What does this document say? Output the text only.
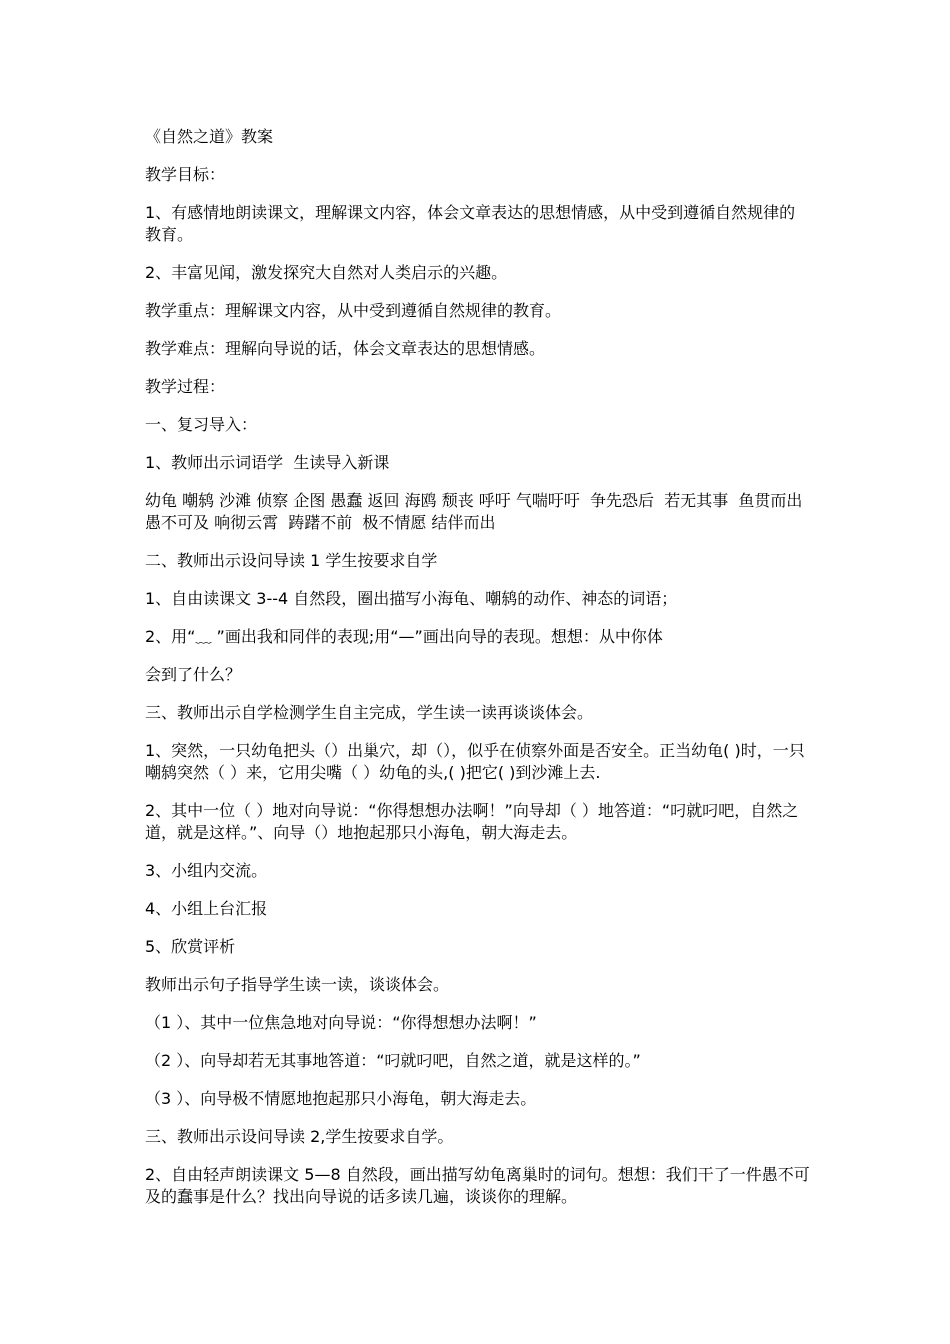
《自然之道》教案

教学目标：

1、有感情地朗读课文，理解课文内容，体会文章表达的思想情感，从中受到遵循自然规律的教育。

2、丰富见闻，激发探究大自然对人类启示的兴趣。

教学重点：理解课文内容，从中受到遵循自然规律的教育。

教学难点：理解向导说的话，体会文章表达的思想情感。

教学过程：

一、复习导入：

1、教师出示词语学  生读导入新课

幼龟 嘲鸫 沙滩 侦察 企图 愚蠢 返回 海鸥 颓丧 呼吁 气喘吁吁  争先恐后  若无其事  鱼贯而出  愚不可及 响彻云霄  踌躇不前  极不情愿 结伴而出

二、教师出示设问导读 1 学生按要求自学

1、自由读课文 3--4 自然段，圈出描写小海龟、嘲鸫的动作、神态的词语；

2、用“﹏ ”画出我和同伴的表现;用“—”画出向导的表现。想想：从中你体

会到了什么？

三、教师出示自学检测学生自主完成，学生读一读再谈谈体会。

1、突然，一只幼龟把头（）出巢穴，却（），似乎在侦察外面是否安全。正当幼龟( )时，一只嘲鸫突然（ ）来，它用尖嘴（ ）幼龟的头,( )把它( )到沙滩上去.

2、其中一位（ ）地对向导说：“你得想想办法啊！”向导却（ ）地答道：“叼就叼吧，自然之道，就是这样。”、向导（）地抱起那只小海龟，朝大海走去。

3、小组内交流。

4、小组上台汇报

5、欣赏评析

教师出示句子指导学生读一读，谈谈体会。

（1 ）、其中一位焦急地对向导说：“你得想想办法啊！”

（2 ）、向导却若无其事地答道：“叼就叼吧，自然之道，就是这样的。”

（3 ）、向导极不情愿地抱起那只小海龟，朝大海走去。

三、教师出示设问导读 2,学生按要求自学。

2、自由轻声朗读课文 5—8 自然段，画出描写幼龟离巢时的词句。想想：我们干了一件愚不可及的蠢事是什么？找出向导说的话多读几遍，谈谈你的理解。
